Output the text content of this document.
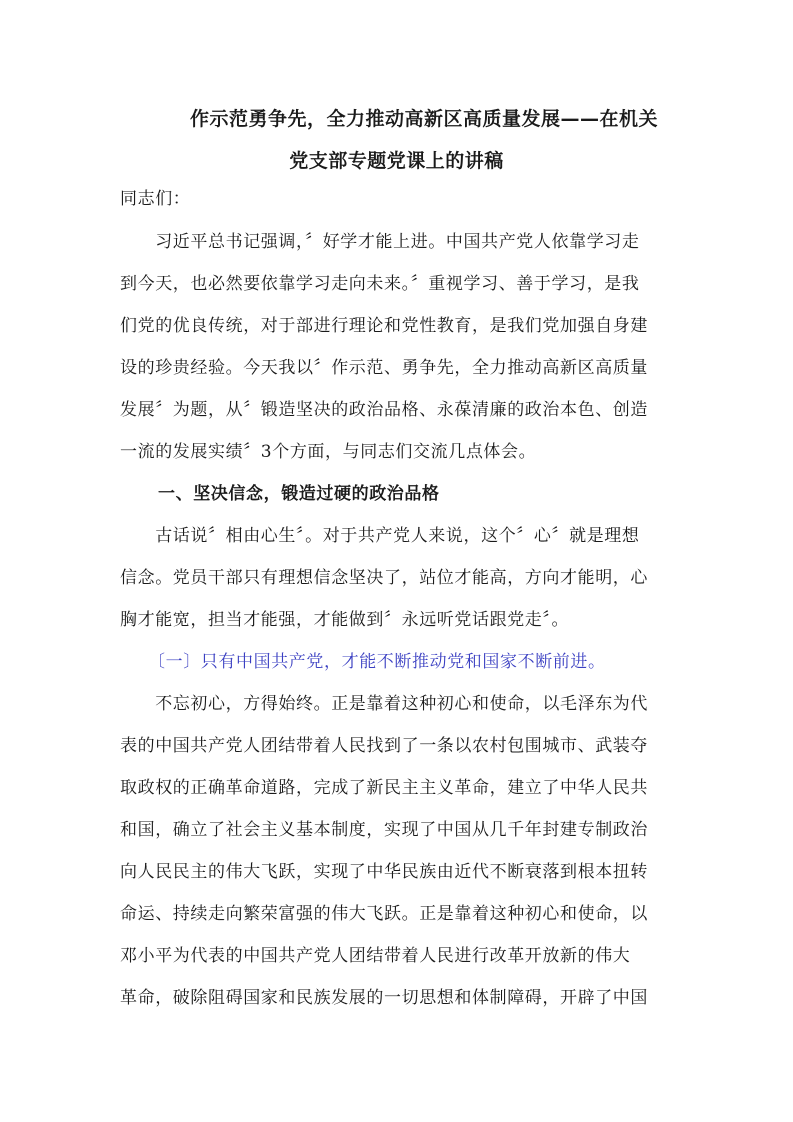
作示范勇争先，全力推动高新区高质量发展——在机关
党支部专题党课上的讲稿
同志们：
　　习近平总书记强调，〞好学才能上进。中国共产党人依靠学习走
到今天，也必然要依靠学习走向未来。〞重视学习、善于学习，是我
们党的优良传统，对于部进行理论和党性教育，是我们党加强自身建
设的珍贵经验。今天我以〞作示范、勇争先，全力推动高新区高质量
发展〞为题，从〞锻造坚决的政治品格、永葆清廉的政治本色、创造
一流的发展实绩〞3个方面，与同志们交流几点体会。
一、坚决信念，锻造过硬的政治品格
　　古话说〞相由心生〞。对于共产党人来说，这个〞心〞就是理想
信念。党员干部只有理想信念坚决了，站位才能高，方向才能明，心
胸才能宽，担当才能强，才能做到〞永远听党话跟党走〞。
〔一〕只有中国共产党，才能不断推动党和国家不断前进。
　　不忘初心，方得始终。正是靠着这种初心和使命，以毛泽东为代
表的中国共产党人团结带着人民找到了一条以农村包围城市、武装夺
取政权的正确革命道路，完成了新民主主义革命，建立了中华人民共
和国，确立了社会主义基本制度，实现了中国从几千年封建专制政治
向人民民主的伟大飞跃，实现了中华民族由近代不断衰落到根本扭转
命运、持续走向繁荣富强的伟大飞跃。正是靠着这种初心和使命，以
邓小平为代表的中国共产党人团结带着人民进行改革开放新的伟大
革命，破除阻碍国家和民族发展的一切思想和体制障碍，开辟了中国
